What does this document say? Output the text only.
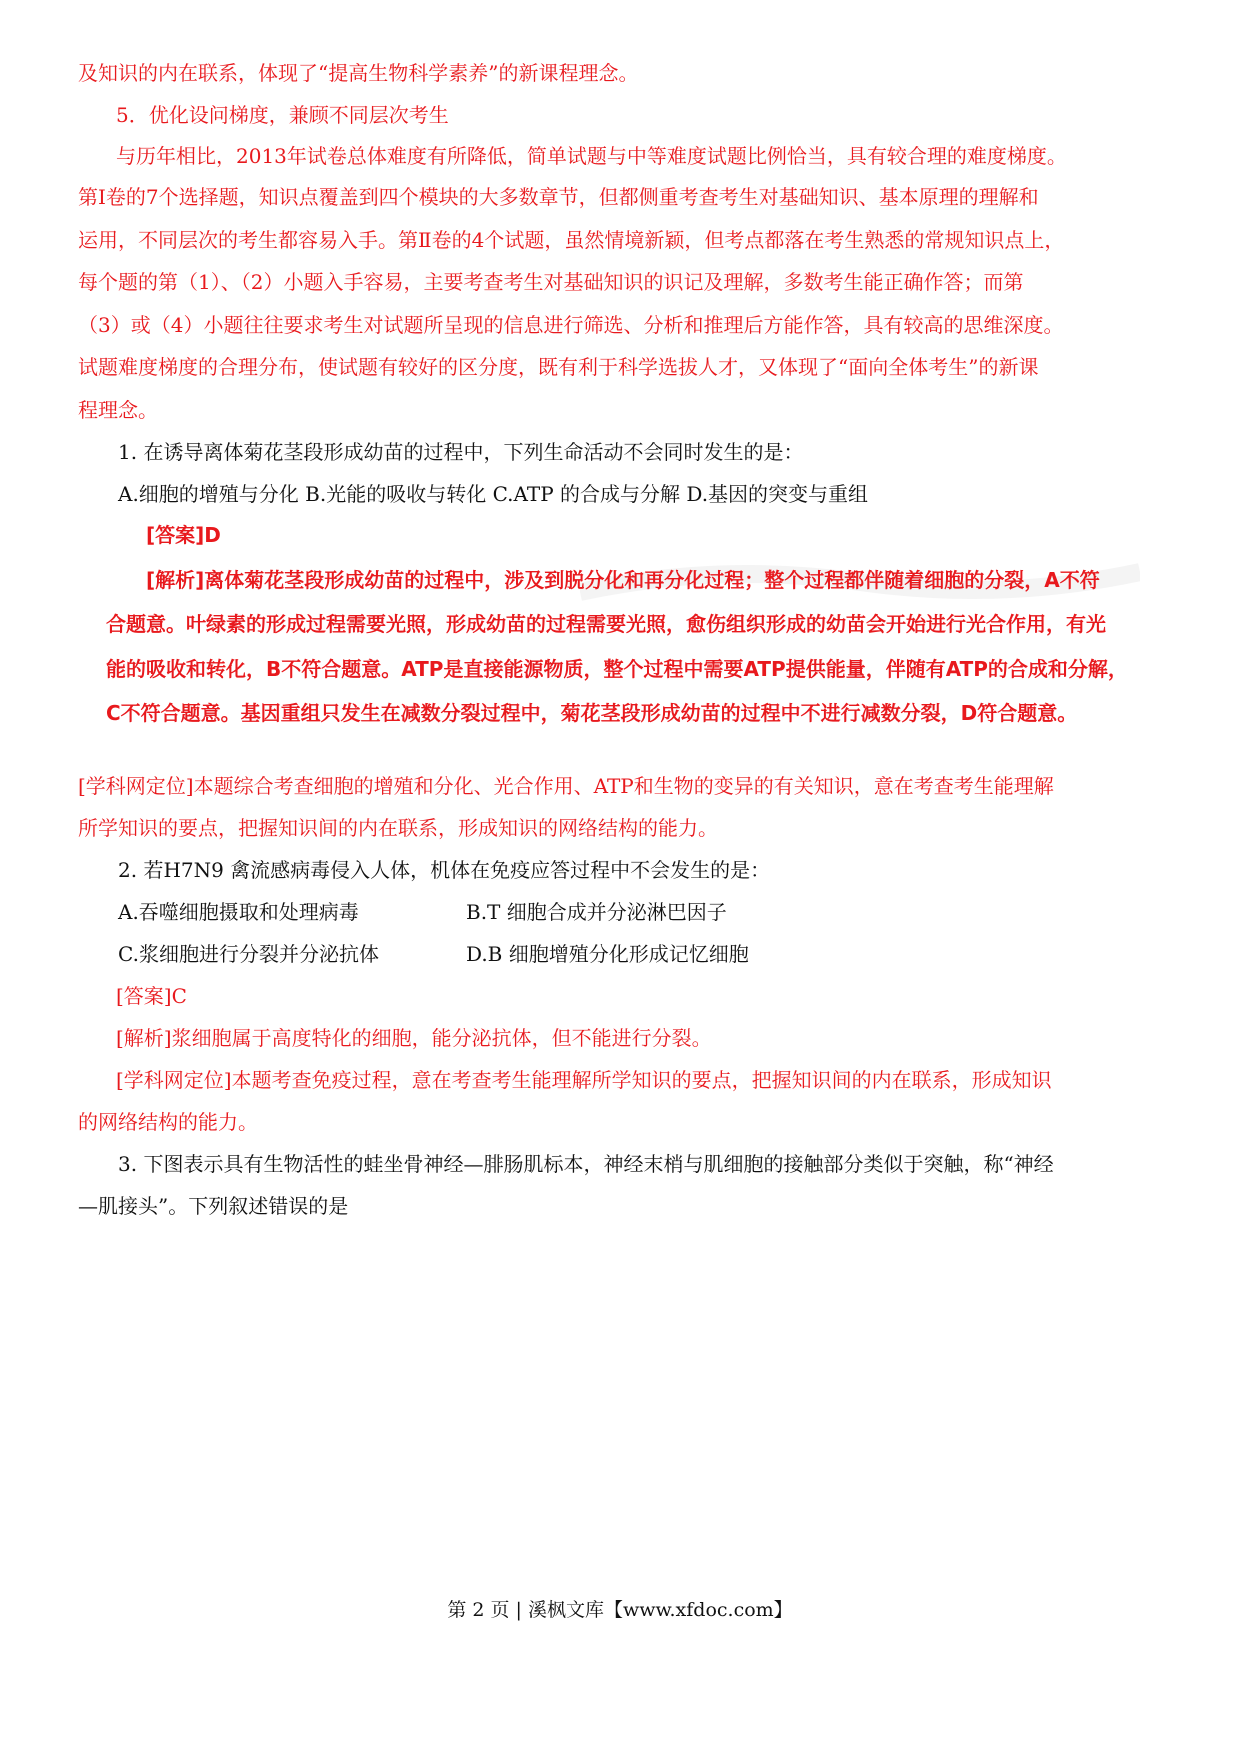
及知识的内在联系，体现了“提高生物科学素养”的新课程理念。
5．优化设问梯度，兼顾不同层次考生
与历年相比，2013年试卷总体难度有所降低，简单试题与中等难度试题比例恰当，具有较合理的难度梯度。
第Ⅰ卷的7个选择题，知识点覆盖到四个模块的大多数章节，但都侧重考查考生对基础知识、基本原理的理解和
运用，不同层次的考生都容易入手。第Ⅱ卷的4个试题，虽然情境新颖，但考点都落在考生熟悉的常规知识点上，
每个题的第（1）、（2）小题入手容易，主要考查考生对基础知识的识记及理解，多数考生能正确作答；而第
（3）或（4）小题往往要求考生对试题所呈现的信息进行筛选、分析和推理后方能作答，具有较高的思维深度。
试题难度梯度的合理分布，使试题有较好的区分度，既有利于科学选拔人才，又体现了“面向全体考生”的新课
程理念。
1. 在诱导离体菊花茎段形成幼苗的过程中，下列生命活动不会同时发生的是：
A.细胞的增殖与分化 B.光能的吸收与转化 C.ATP 的合成与分解 D.基因的突变与重组
[答案]D
[解析]离体菊花茎段形成幼苗的过程中，涉及到脱分化和再分化过程；整个过程都伴随着细胞的分裂，A不符
合题意。叶绿素的形成过程需要光照，形成幼苗的过程需要光照，愈伤组织形成的幼苗会开始进行光合作用，有光
能的吸收和转化，B不符合题意。ATP是直接能源物质，整个过程中需要ATP提供能量，伴随有ATP的合成和分解，
C不符合题意。基因重组只发生在减数分裂过程中，菊花茎段形成幼苗的过程中不进行减数分裂，D符合题意。
[学科网定位]本题综合考查细胞的增殖和分化、光合作用、ATP和生物的变异的有关知识，意在考查考生能理解
所学知识的要点，把握知识间的内在联系，形成知识的网络结构的能力。
2. 若H7N9 禽流感病毒侵入人体，机体在免疫应答过程中不会发生的是：
A.吞噬细胞摄取和处理病毒	B.T 细胞合成并分泌淋巴因子
C.浆细胞进行分裂并分泌抗体	D.B 细胞增殖分化形成记忆细胞
[答案]C
[解析]浆细胞属于高度特化的细胞，能分泌抗体，但不能进行分裂。
[学科网定位]本题考查免疫过程，意在考查考生能理解所学知识的要点，把握知识间的内在联系，形成知识
的网络结构的能力。
3. 下图表示具有生物活性的蛙坐骨神经—腓肠肌标本，神经末梢与肌细胞的接触部分类似于突触，称“神经
—肌接头”。下列叙述错误的是
第 2 页 | 溪枫文库【www.xfdoc.com】
